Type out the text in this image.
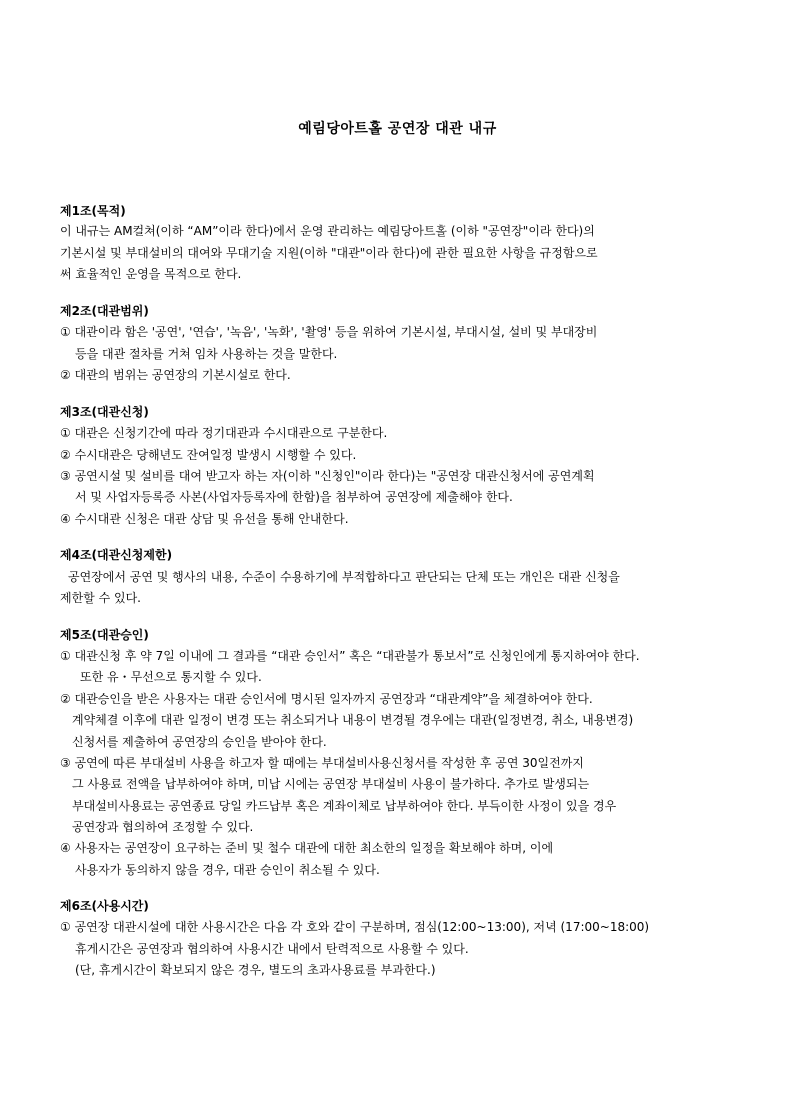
예림당아트홀 공연장 대관 내규
제1조(목적)
이 내규는 AM컬쳐(이하 “AM”이라 한다)에서 운영 관리하는 예림당아트홀 (이하 "공연장"이라 한다)의
기본시설 및 부대설비의 대여와 무대기술 지원(이하 "대관"이라 한다)에 관한 필요한 사항을 규정함으로
써 효율적인 운영을 목적으로 한다.
제2조(대관범위)
① 대관이라 함은 '공연', '연습', '녹음', '녹화', '촬영' 등을 위하여 기본시설, 부대시설, 설비 및 부대장비
등을 대관 절차를 거쳐 임차 사용하는 것을 말한다.
② 대관의 범위는 공연장의 기본시설로 한다.
제3조(대관신청)
① 대관은 신청기간에 따라 정기대관과 수시대관으로 구분한다.
② 수시대관은 당해년도 잔여일정 발생시 시행할 수 있다.
③ 공연시설 및 설비를 대여 받고자 하는 자(이하 "신청인"이라 한다)는 "공연장 대관신청서에 공연계획
서 및 사업자등록증 사본(사업자등록자에 한함)을 첨부하여 공연장에 제출해야 한다.
④ 수시대관 신청은 대관 상담 및 유선을 통해 안내한다.
제4조(대관신청제한)
공연장에서 공연 및 행사의 내용, 수준이 수용하기에 부적합하다고 판단되는 단체 또는 개인은 대관 신청을
제한할 수 있다.
제5조(대관승인)
① 대관신청 후 약 7일 이내에 그 결과를 “대관 승인서” 혹은 “대관불가 통보서”로 신청인에게 통지하여야 한다.
또한 유・무선으로 통지할 수 있다.
② 대관승인을 받은 사용자는 대관 승인서에 명시된 일자까지 공연장과 “대관계약”을 체결하여야 한다.
계약체결 이후에 대관 일정이 변경 또는 취소되거나 내용이 변경될 경우에는 대관(일정변경, 취소, 내용변경)
신청서를 제출하여 공연장의 승인을 받아야 한다.
③ 공연에 따른 부대설비 사용을 하고자 할 때에는 부대설비사용신청서를 작성한 후 공연 30일전까지
그 사용료 전액을 납부하여야 하며, 미납 시에는 공연장 부대설비 사용이 불가하다. 추가로 발생되는
부대설비사용료는 공연종료 당일 카드납부 혹은 계좌이체로 납부하여야 한다. 부득이한 사정이 있을 경우
공연장과 협의하여 조정할 수 있다.
④ 사용자는 공연장이 요구하는 준비 및 철수 대관에 대한 최소한의 일정을 확보해야 하며, 이에
사용자가 동의하지 않을 경우, 대관 승인이 취소될 수 있다.
제6조(사용시간)
① 공연장 대관시설에 대한 사용시간은 다음 각 호와 같이 구분하며, 점심(12:00~13:00), 저녁 (17:00~18:00)
휴게시간은 공연장과 협의하여 사용시간 내에서 탄력적으로 사용할 수 있다.
(단, 휴게시간이 확보되지 않은 경우, 별도의 초과사용료를 부과한다.)
